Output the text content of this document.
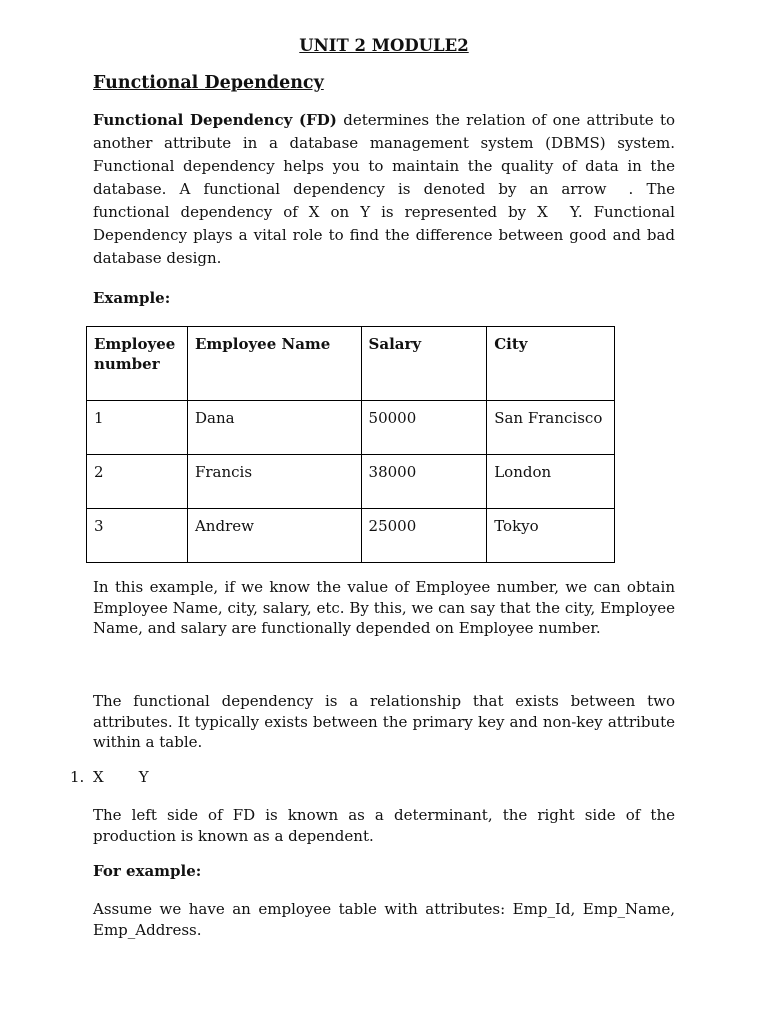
UNIT 2 MODULE2
Functional Dependency
Functional Dependency (FD) determines the relation of one attribute to another attribute in a database management system (DBMS) system. Functional dependency helps you to maintain the quality of data in the database. A functional dependency is denoted by an arrow . The functional dependency of X on Y is represented by X Y. Functional Dependency plays a vital role to find the difference between good and bad database design.
Example:
Employee number	Employee Name	Salary	City
1	Dana	50000	San Francisco
2	Francis	38000	London
3	Andrew	25000	Tokyo
In this example, if we know the value of Employee number, we can obtain Employee Name, city, salary, etc. By this, we can say that the city, Employee Name, and salary are functionally depended on Employee number.
The functional dependency is a relationship that exists between two attributes. It typically exists between the primary key and non-key attribute within a table.
1. X Y
The left side of FD is known as a determinant, the right side of the production is known as a dependent.
For example:
Assume we have an employee table with attributes: Emp_Id, Emp_Name, Emp_Address.
